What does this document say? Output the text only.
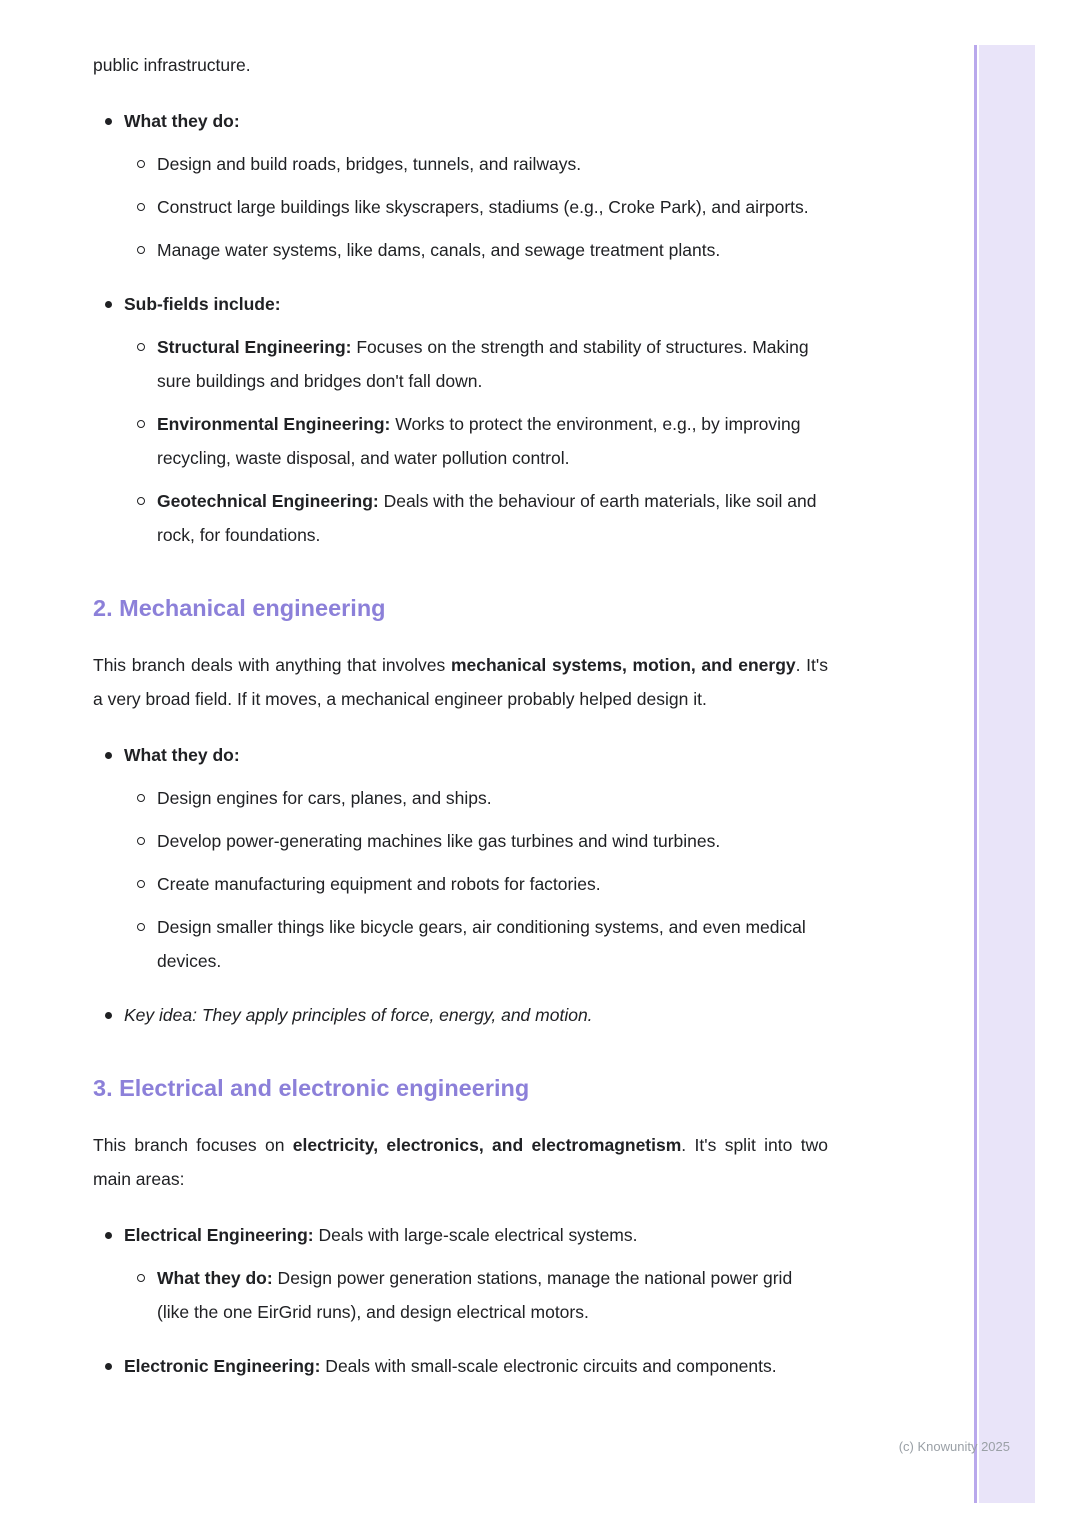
public infrastructure.

What they do:
Design and build roads, bridges, tunnels, and railways.
Construct large buildings like skyscrapers, stadiums (e.g., Croke Park), and airports.
Manage water systems, like dams, canals, and sewage treatment plants.
Sub-fields include:
Structural Engineering: Focuses on the strength and stability of structures. Making sure buildings and bridges don't fall down.
Environmental Engineering: Works to protect the environment, e.g., by improving recycling, waste disposal, and water pollution control.
Geotechnical Engineering: Deals with the behaviour of earth materials, like soil and rock, for foundations.
2. Mechanical engineering

This branch deals with anything that involves mechanical systems, motion, and energy. It's a very broad field. If it moves, a mechanical engineer probably helped design it.

What they do:
Design engines for cars, planes, and ships.
Develop power-generating machines like gas turbines and wind turbines.
Create manufacturing equipment and robots for factories.
Design smaller things like bicycle gears, air conditioning systems, and even medical devices.
Key idea: They apply principles of force, energy, and motion.
3. Electrical and electronic engineering

This branch focuses on electricity, electronics, and electromagnetism. It's split into two main areas:

Electrical Engineering: Deals with large-scale electrical systems.
What they do: Design power generation stations, manage the national power grid (like the one EirGrid runs), and design electrical motors.
Electronic Engineering: Deals with small-scale electronic circuits and components.
(c) Knowunity 2025
